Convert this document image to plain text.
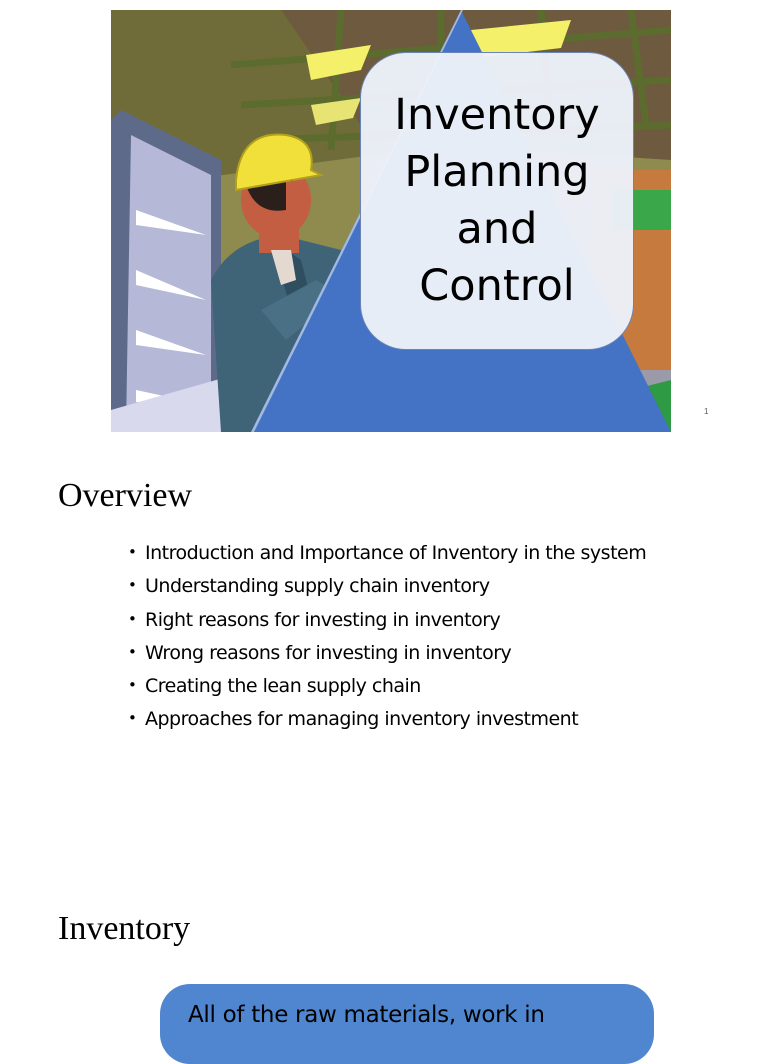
Inventory Planning and Control
1
Overview
• Introduction and Importance of Inventory in the system
• Understanding supply chain inventory
• Right reasons for investing in inventory
• Wrong reasons for investing in inventory
• Creating the lean supply chain
• Approaches for managing inventory investment
Inventory
All of the raw materials, work in
